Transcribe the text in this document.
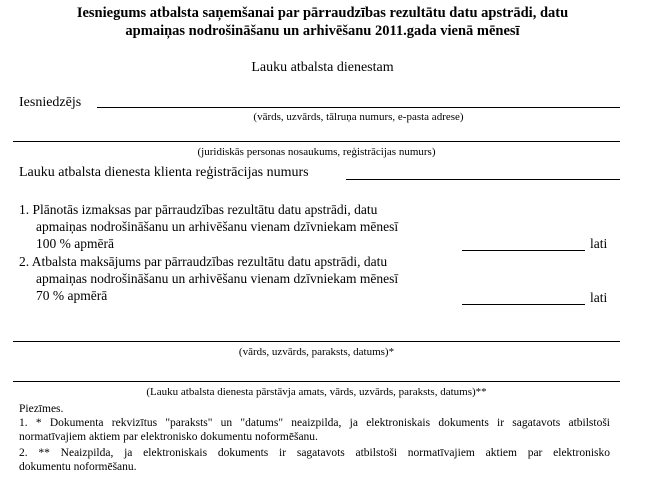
Iesniegums atbalsta saņemšanai par pārraudzības rezultātu datu apstrādi, datu
apmaiņas nodrošināšanu un arhivēšanu 2011.gada vienā mēnesī
Lauku atbalsta dienestam
Iesniedzējs
(vārds, uzvārds, tālruņa numurs, e-pasta adrese)
(juridiskās personas nosaukums, reģistrācijas numurs)
Lauku atbalsta dienesta klienta reģistrācijas numurs
1. Plānotās izmaksas par pārraudzības rezultātu datu apstrādi, datu
apmaiņas nodrošināšanu un arhivēšanu vienam dzīvniekam mēnesī
100 % apmērā	lati
2. Atbalsta maksājums par pārraudzības rezultātu datu apstrādi, datu
apmaiņas nodrošināšanu un arhivēšanu vienam dzīvniekam mēnesī
70 % apmērā	lati
(vārds, uzvārds, paraksts, datums)*
(Lauku atbalsta dienesta pārstāvja amats, vārds, uzvārds, paraksts, datums)**
Piezīmes.
1. * Dokumenta rekvizītus "paraksts" un "datums" neaizpilda, ja elektroniskais dokuments ir sagatavots atbilstoši
normatīvajiem aktiem par elektronisko dokumentu noformēšanu.
2. ** Neaizpilda, ja elektroniskais dokuments ir sagatavots atbilstoši normatīvajiem aktiem par elektronisko
dokumentu noformēšanu.
